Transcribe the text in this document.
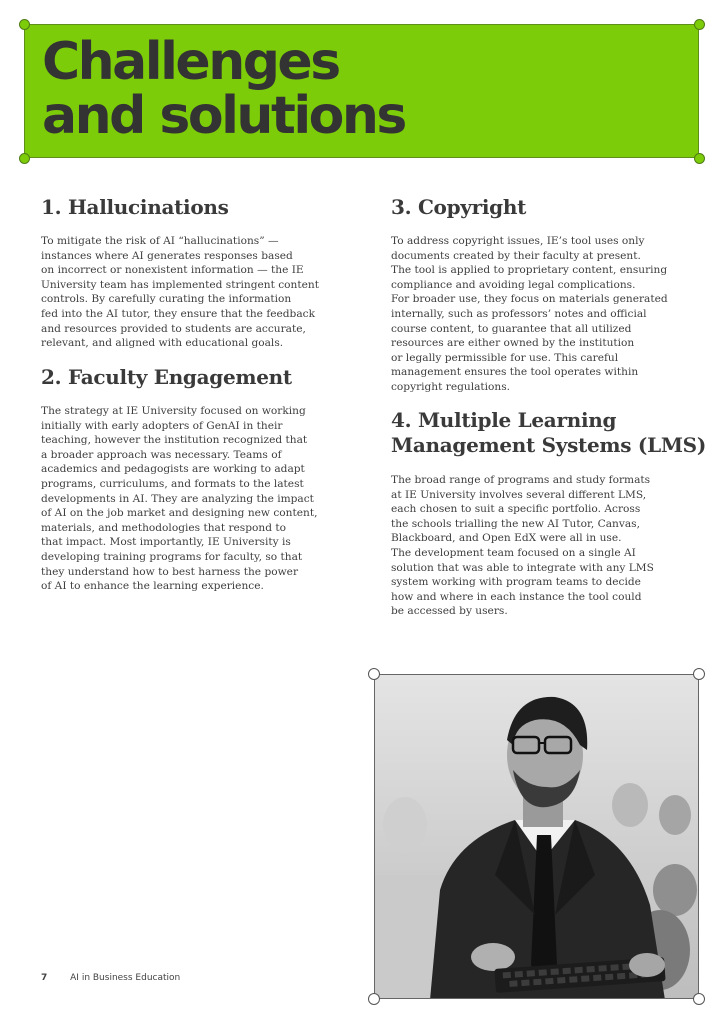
Challenges
and solutions
1. Hallucinations

To mitigate the risk of AI “hallucinations” —
instances where AI generates responses based
on incorrect or nonexistent information — the IE
University team has implemented stringent content
controls. By carefully curating the information
fed into the AI tutor, they ensure that the feedback
and resources provided to students are accurate,
relevant, and aligned with educational goals.

2. Faculty Engagement

The strategy at IE University focused on working
initially with early adopters of GenAI in their
teaching, however the institution recognized that
a broader approach was necessary. Teams of
academics and pedagogists are working to adapt
programs, curriculums, and formats to the latest
developments in AI. They are analyzing the impact
of AI on the job market and designing new content,
materials, and methodologies that respond to
that impact. Most importantly, IE University is
developing training programs for faculty, so that
they understand how to best harness the power
of AI to enhance the learning experience.

3. Copyright

To address copyright issues, IE’s tool uses only
documents created by their faculty at present.
The tool is applied to proprietary content, ensuring
compliance and avoiding legal complications.
For broader use, they focus on materials generated
internally, such as professors’ notes and official
course content, to guarantee that all utilized
resources are either owned by the institution
or legally permissible for use. This careful
management ensures the tool operates within
copyright regulations.

4. Multiple Learning
Management Systems (LMS)

The broad range of programs and study formats
at IE University involves several different LMS,
each chosen to suit a specific portfolio. Across
the schools trialling the new AI Tutor, Canvas,
Blackboard, and Open EdX were all in use.
The development team focused on a single AI
solution that was able to integrate with any LMS
system working with program teams to decide
how and where in each instance the tool could
be accessed by users.

7	AI in Business Education
